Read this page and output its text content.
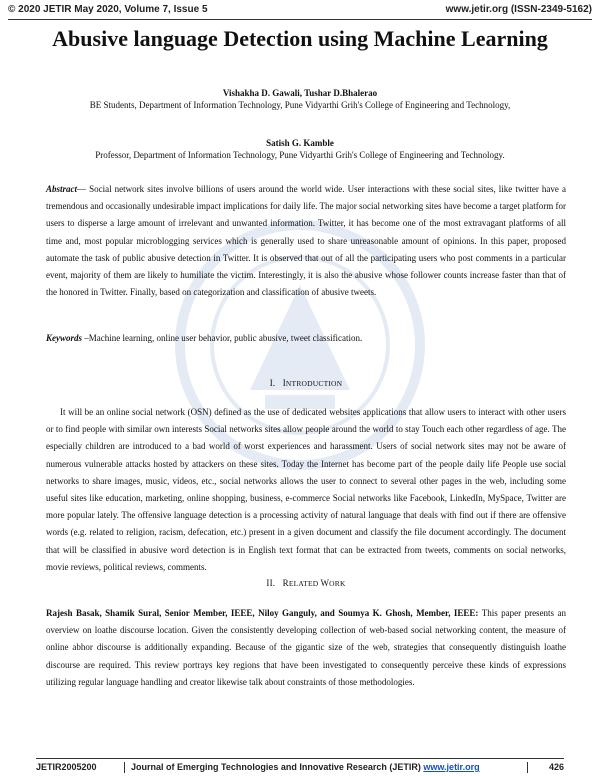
© 2020 JETIR May 2020, Volume 7, Issue 5	www.jetir.org (ISSN-2349-5162)
Abusive language Detection using Machine Learning
Vishakha D. Gawali, Tushar D.Bhalerao
BE Students, Department of Information Technology, Pune Vidyarthi Grih's College of Engineering and Technology,
Satish G. Kamble
Professor, Department of Information Technology, Pune Vidyarthi Grih's College of Engineering and Technology.
Abstract— Social network sites involve billions of users around the world wide. User interactions with these social sites, like twitter have a tremendous and occasionally undesirable impact implications for daily life. The major social networking sites have become a target platform for users to disperse a large amount of irrelevant and unwanted information. Twitter, it has become one of the most extravagant platforms of all time and, most popular microblogging services which is generally used to share unreasonable amount of opinions. In this paper, proposed automate the task of public abusive detection in Twitter. It is observed that out of all the participating users who post comments in a particular event, majority of them are likely to humiliate the victim. Interestingly, it is also the abusive whose follower counts increase faster than that of the honored in Twitter. Finally, based on categorization and classification of abusive tweets.
Keywords –Machine learning, online user behavior, public abusive, tweet classification.
I. INTRODUCTION
It will be an online social network (OSN) defined as the use of dedicated websites applications that allow users to interact with other users or to find people with similar own interests Social networks sites allow people around the world to stay Touch each other regardless of age. The especially children are introduced to a bad world of worst experiences and harassment. Users of social network sites may not be aware of numerous vulnerable attacks hosted by attackers on these sites. Today the Internet has become part of the people daily life People use social networks to share images, music, videos, etc., social networks allows the user to connect to several other pages in the web, including some useful sites like education, marketing, online shopping, business, e-commerce Social networks like Facebook, LinkedIn, MySpace, Twitter are more popular lately. The offensive language detection is a processing activity of natural language that deals with find out if there are offensive words (e.g. related to religion, racism, defecation, etc.) present in a given document and classify the file document accordingly. The document that will be classified in abusive word detection is in English text format that can be extracted from tweets, comments on social networks, movie reviews, political reviews, comments.
II. RELATED WORK
Rajesh Basak, Shamik Sural, Senior Member, IEEE, Niloy Ganguly, and Soumya K. Ghosh, Member, IEEE: This paper presents an overview on loathe discourse location. Given the consistently developing collection of web-based social networking content, the measure of online abhor discourse is additionally expanding. Because of the gigantic size of the web, strategies that consequently distinguish loathe discourse are required. This review portrays key regions that have been investigated to consequently perceive these kinds of expressions utilizing regular language handling and creator likewise talk about constraints of those methodologies.
JETIR2005200	Journal of Emerging Technologies and Innovative Research (JETIR) www.jetir.org	426
